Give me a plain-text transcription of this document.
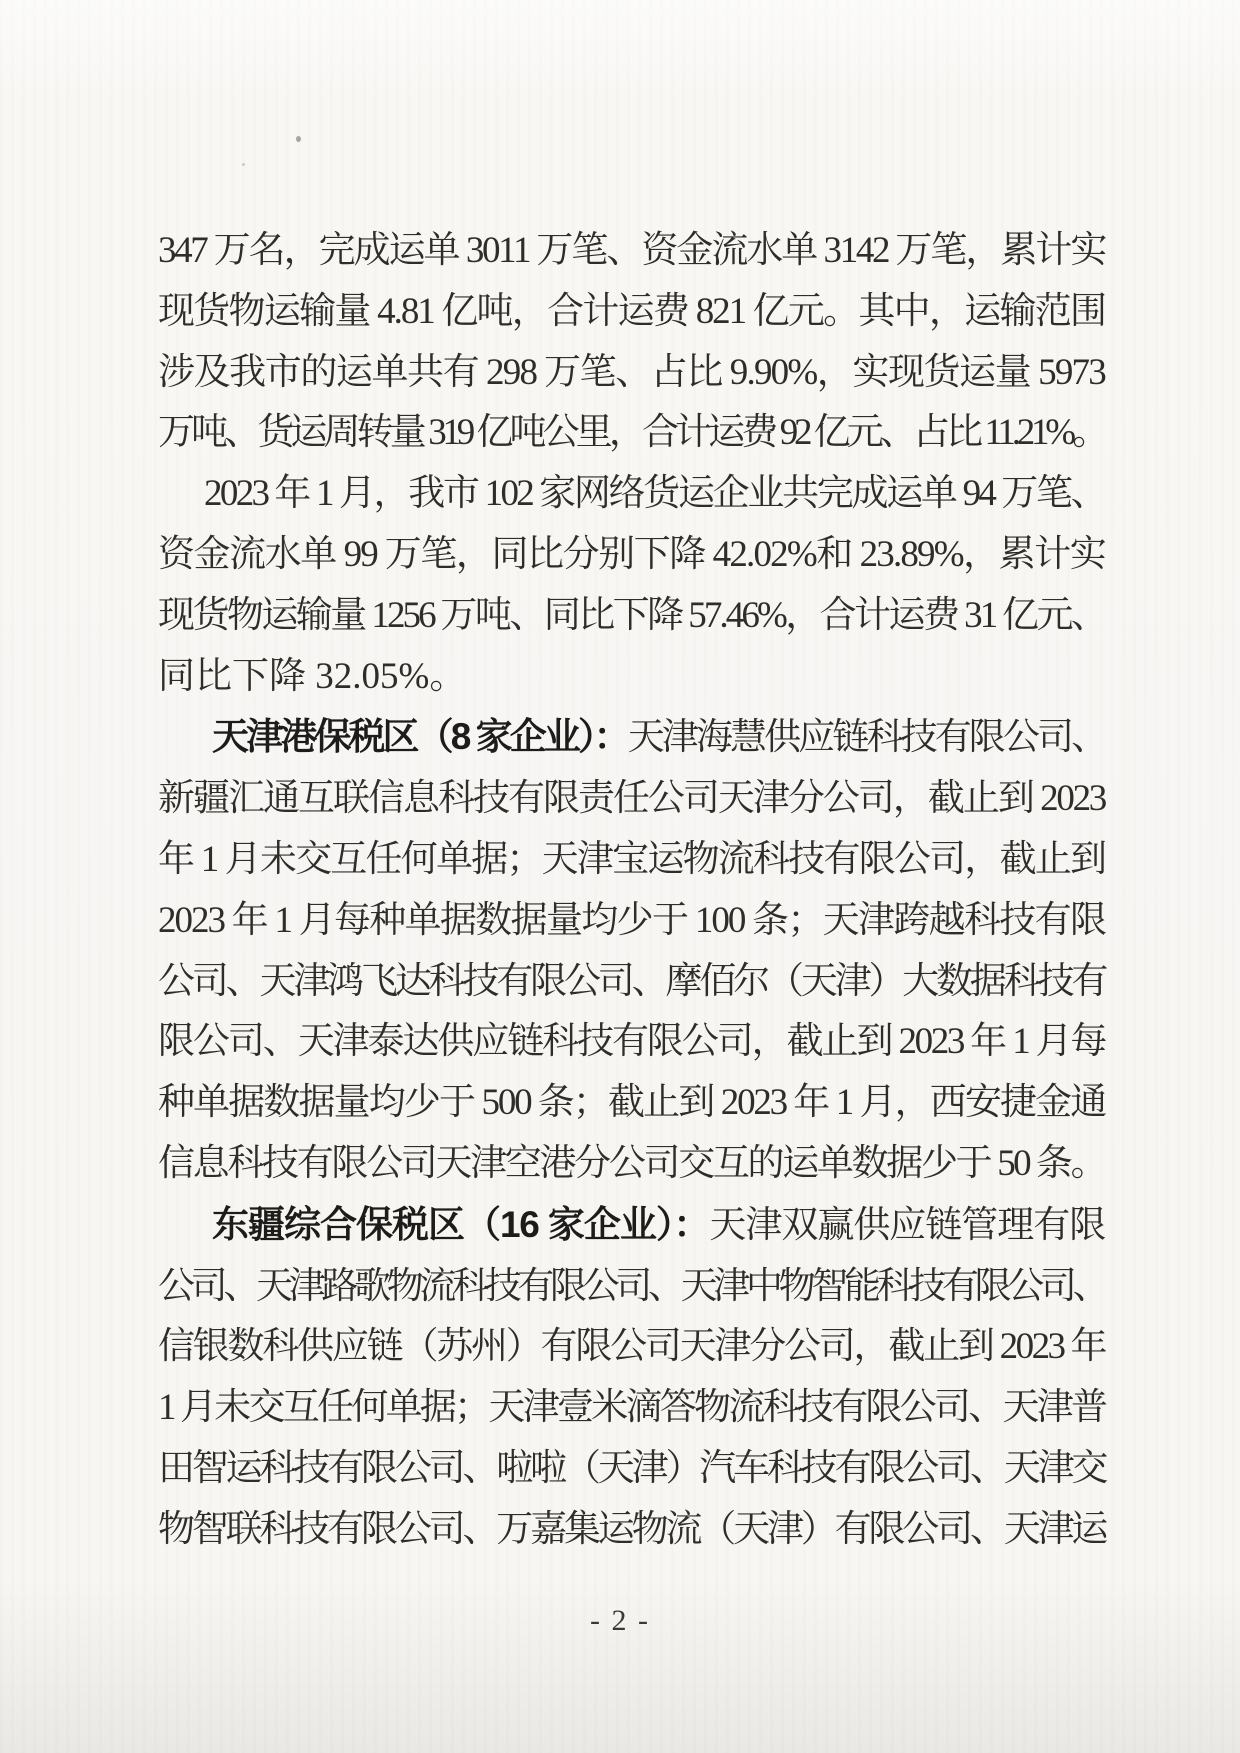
347 万名，完成运单 3011 万笔、资金流水单 3142 万笔，累计实
现货物运输量 4.81 亿吨，合计运费 821 亿元。其中，运输范围
涉及我市的运单共有 298 万笔、占比 9.90%，实现货运量 5973
万吨、货运周转量 319 亿吨公里，合计运费 92 亿元、占比 11.21%。
2023 年 1 月，我市 102 家网络货运企业共完成运单 94 万笔、
资金流水单 99 万笔，同比分别下降 42.02%和 23.89%，累计实
现货物运输量 1256 万吨、同比下降 57.46%，合计运费 31 亿元、
同比下降 32.05%。
天津港保税区（8 家企业）：天津海慧供应链科技有限公司、
新疆汇通互联信息科技有限责任公司天津分公司，截止到 2023
年 1 月未交互任何单据；天津宝运物流科技有限公司，截止到
2023 年 1 月每种单据数据量均少于 100 条；天津跨越科技有限
公司、天津鸿飞达科技有限公司、摩佰尔（天津）大数据科技有
限公司、天津泰达供应链科技有限公司，截止到 2023 年 1 月每
种单据数据量均少于 500 条；截止到 2023 年 1 月，西安捷金通
信息科技有限公司天津空港分公司交互的运单数据少于 50 条。
东疆综合保税区（16 家企业）：天津双赢供应链管理有限
公司、天津路歌物流科技有限公司、天津中物智能科技有限公司、
信银数科供应链（苏州）有限公司天津分公司，截止到 2023 年
1 月未交互任何单据；天津壹米滴答物流科技有限公司、天津普
田智运科技有限公司、啦啦（天津）汽车科技有限公司、天津交
物智联科技有限公司、万嘉集运物流（天津）有限公司、天津运
- 2 -
